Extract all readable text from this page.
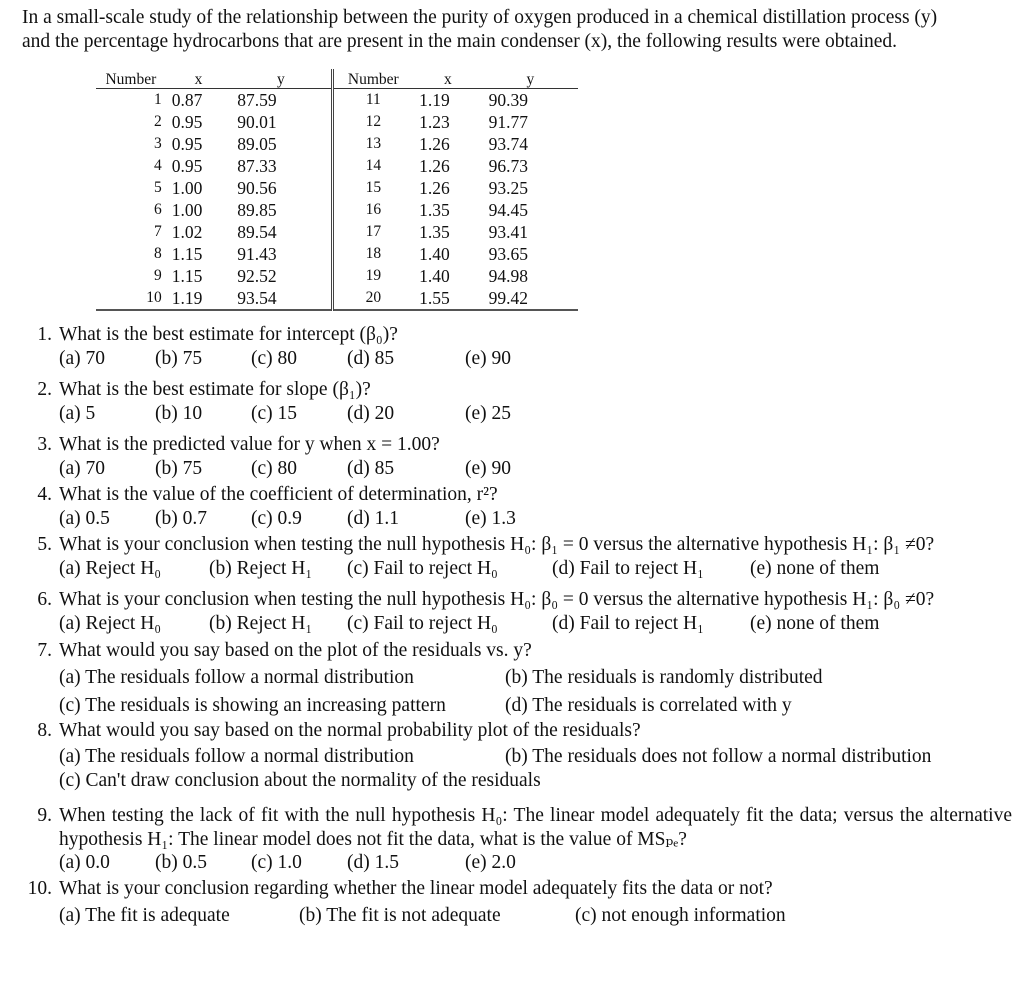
In a small-scale study of the relationship between the purity of oxygen produced in a chemical distillation process (y)

and the percentage hydrocarbons that are present in the main condenser (x), the following results were obtained.

Number	x	y	Number	x	y
1	0.87	87.59	11	1.19	90.39
2	0.95	90.01	12	1.23	91.77
3	0.95	89.05	13	1.26	93.74
4	0.95	87.33	14	1.26	96.73
5	1.00	90.56	15	1.26	93.25
6	1.00	89.85	16	1.35	94.45
7	1.02	89.54	17	1.35	93.41
8	1.15	91.43	18	1.40	93.65
9	1.15	92.52	19	1.40	94.98
10	1.19	93.54	20	1.55	99.42
1. What is the best estimate for intercept (β₀)?
(a) 70	(b) 75	(c) 80	(d) 85	(e) 90
2. What is the best estimate for slope (β₁)?
(a) 5	(b) 10	(c) 15	(d) 20	(e) 25
3. What is the predicted value for y when x = 1.00?
(a) 70	(b) 75	(c) 80	(d) 85	(e) 90
4. What is the value of the coefficient of determination, r²?
(a) 0.5	(b) 0.7	(c) 0.9	(d) 1.1	(e) 1.3
5. What is your conclusion when testing the null hypothesis H₀: β₁ = 0 versus the alternative hypothesis H₁: β₁ ≠0?
(a) Reject H₀	(b) Reject H₁	(c) Fail to reject H₀	(d) Fail to reject H₁	(e) none of them
6. What is your conclusion when testing the null hypothesis H₀: β₀ = 0 versus the alternative hypothesis H₁: β₀ ≠0?
(a) Reject H₀	(b) Reject H₁	(c) Fail to reject H₀	(d) Fail to reject H₁	(e) none of them
7. What would you say based on the plot of the residuals vs. y?
(a) The residuals follow a normal distribution	(b) The residuals is randomly distributed
(c) The residuals is showing an increasing pattern	(d) The residuals is correlated with y
8. What would you say based on the normal probability plot of the residuals?
(a) The residuals follow a normal distribution	(b) The residuals does not follow a normal distribution
(c) Can't draw conclusion about the normality of the residuals
9. When testing the lack of fit with the null hypothesis H₀: The linear model adequately fit the data; versus the alternative hypothesis H₁: The linear model does not fit the data, what is the value of MSₚₑ?

(a) 0.0	(b) 0.5	(c) 1.0	(d) 1.5	(e) 2.0
10. What is your conclusion regarding whether the linear model adequately fits the data or not?
(a) The fit is adequate	(b) The fit is not adequate	(c) not enough information
